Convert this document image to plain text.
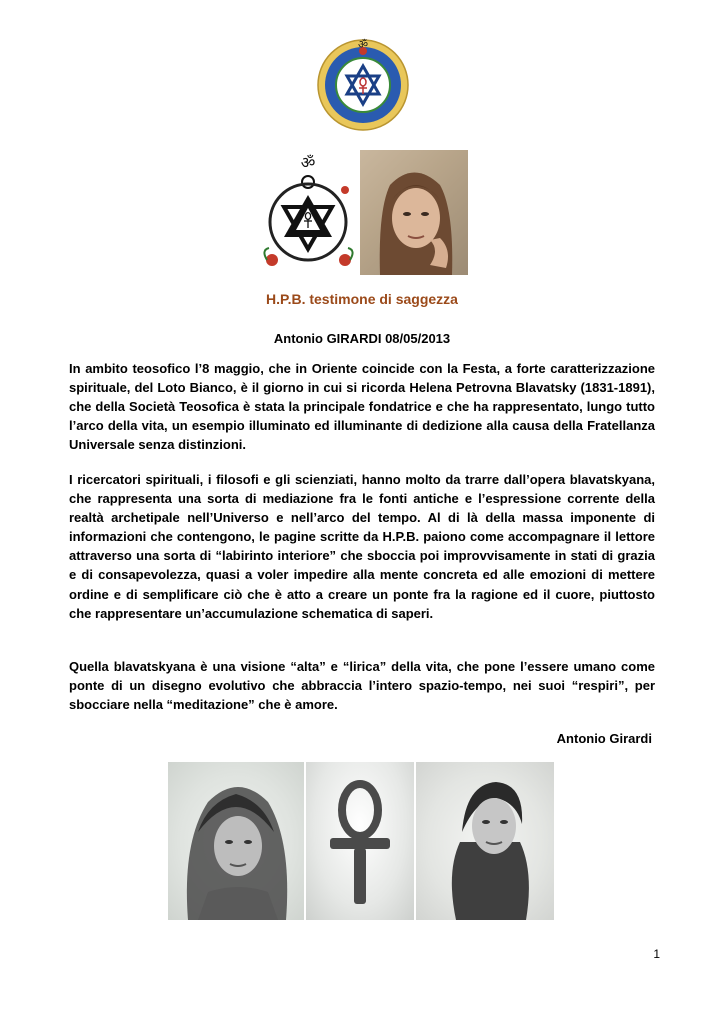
ॐ
ॐ
H.P.B. testimone di saggezza
Antonio GIRARDI 08/05/2013

In ambito teosofico l’8 maggio, che in Oriente coincide con la Festa, a forte caratterizzazione spirituale, del Loto Bianco, è il giorno in cui si ricorda Helena Petrovna Blavatsky (1831-1891), che della Società Teosofica è stata la principale fondatrice e che ha rappresentato, lungo tutto l’arco della vita, un esempio illuminato ed illuminante di dedizione alla causa della Fratellanza Universale senza distinzioni.

I ricercatori spirituali, i filosofi e gli scienziati, hanno molto da trarre dall’opera blavatskyana, che rappresenta una sorta di mediazione fra le fonti antiche e l’espressione corrente della realtà archetipale nell’Universo e nell’arco del tempo. Al di là della massa imponente di informazioni che contengono, le pagine scritte da H.P.B. paiono come accompagnare il lettore attraverso una sorta di “labirinto interiore” che sboccia poi improvvisamente in stati di grazia e di consapevolezza, quasi a voler impedire alla mente concreta ed alle emozioni di mettere ordine e di semplificare ciò che è atto a creare un ponte fra la ragione ed il cuore, piuttosto che rappresentare un’accumulazione schematica di saperi.

Quella blavatskyana è una visione “alta” e “lirica” della vita, che pone l’essere umano come ponte di un disegno evolutivo che abbraccia l’intero spazio-tempo, nei suoi “respiri”, per sbocciare nella “meditazione” che è amore.

Antonio Girardi
1
